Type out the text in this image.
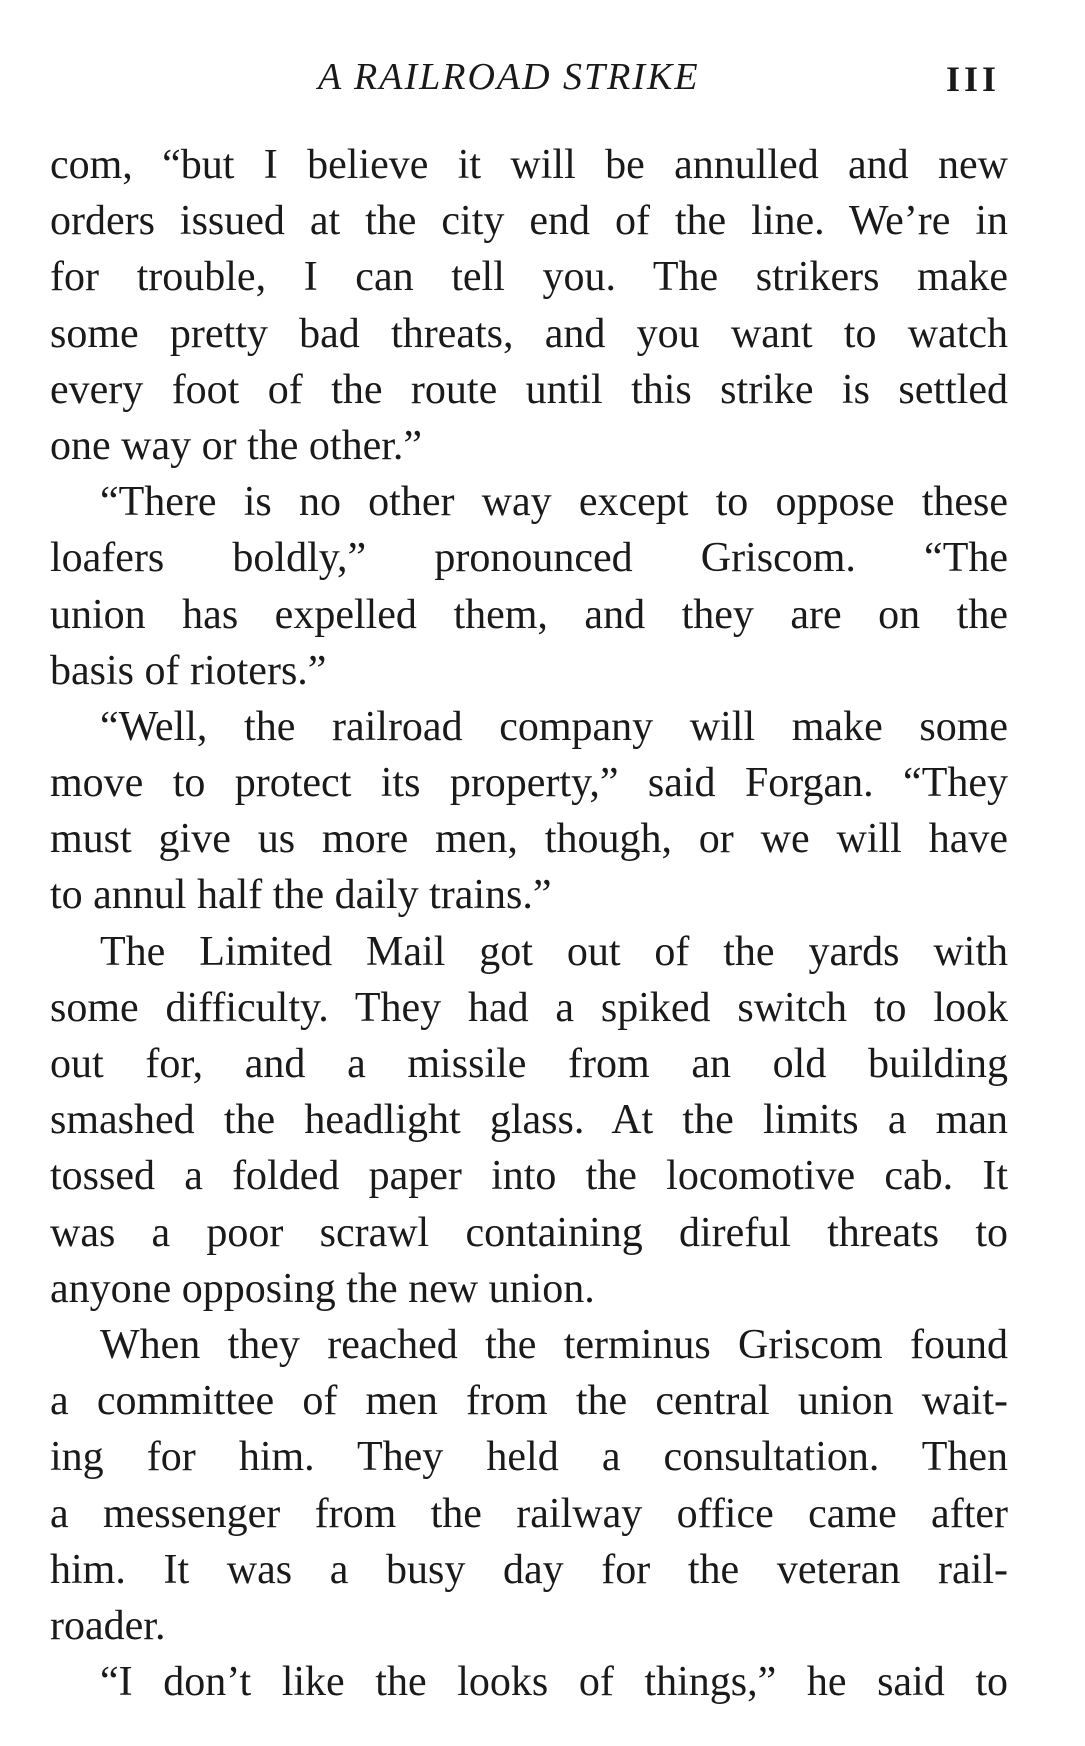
A RAILROAD STRIKE	III
com, “but I believe it will be annulled and new
orders issued at the city end of the line. We’re in
for trouble, I can tell you. The strikers make
some pretty bad threats, and you want to watch
every foot of the route until this strike is settled
one way or the other.”
“There is no other way except to oppose these
loafers boldly,” pronounced Griscom. “The
union has expelled them, and they are on the
basis of rioters.”
“Well, the railroad company will make some
move to protect its property,” said Forgan. “They
must give us more men, though, or we will have
to annul half the daily trains.”
The Limited Mail got out of the yards with
some difficulty. They had a spiked switch to look
out for, and a missile from an old building
smashed the headlight glass. At the limits a man
tossed a folded paper into the locomotive cab. It
was a poor scrawl containing direful threats to
anyone opposing the new union.
When they reached the terminus Griscom found
a committee of men from the central union wait-
ing for him. They held a consultation. Then
a messenger from the railway office came after
him. It was a busy day for the veteran rail-
roader.
“I don’t like the looks of things,” he said to
